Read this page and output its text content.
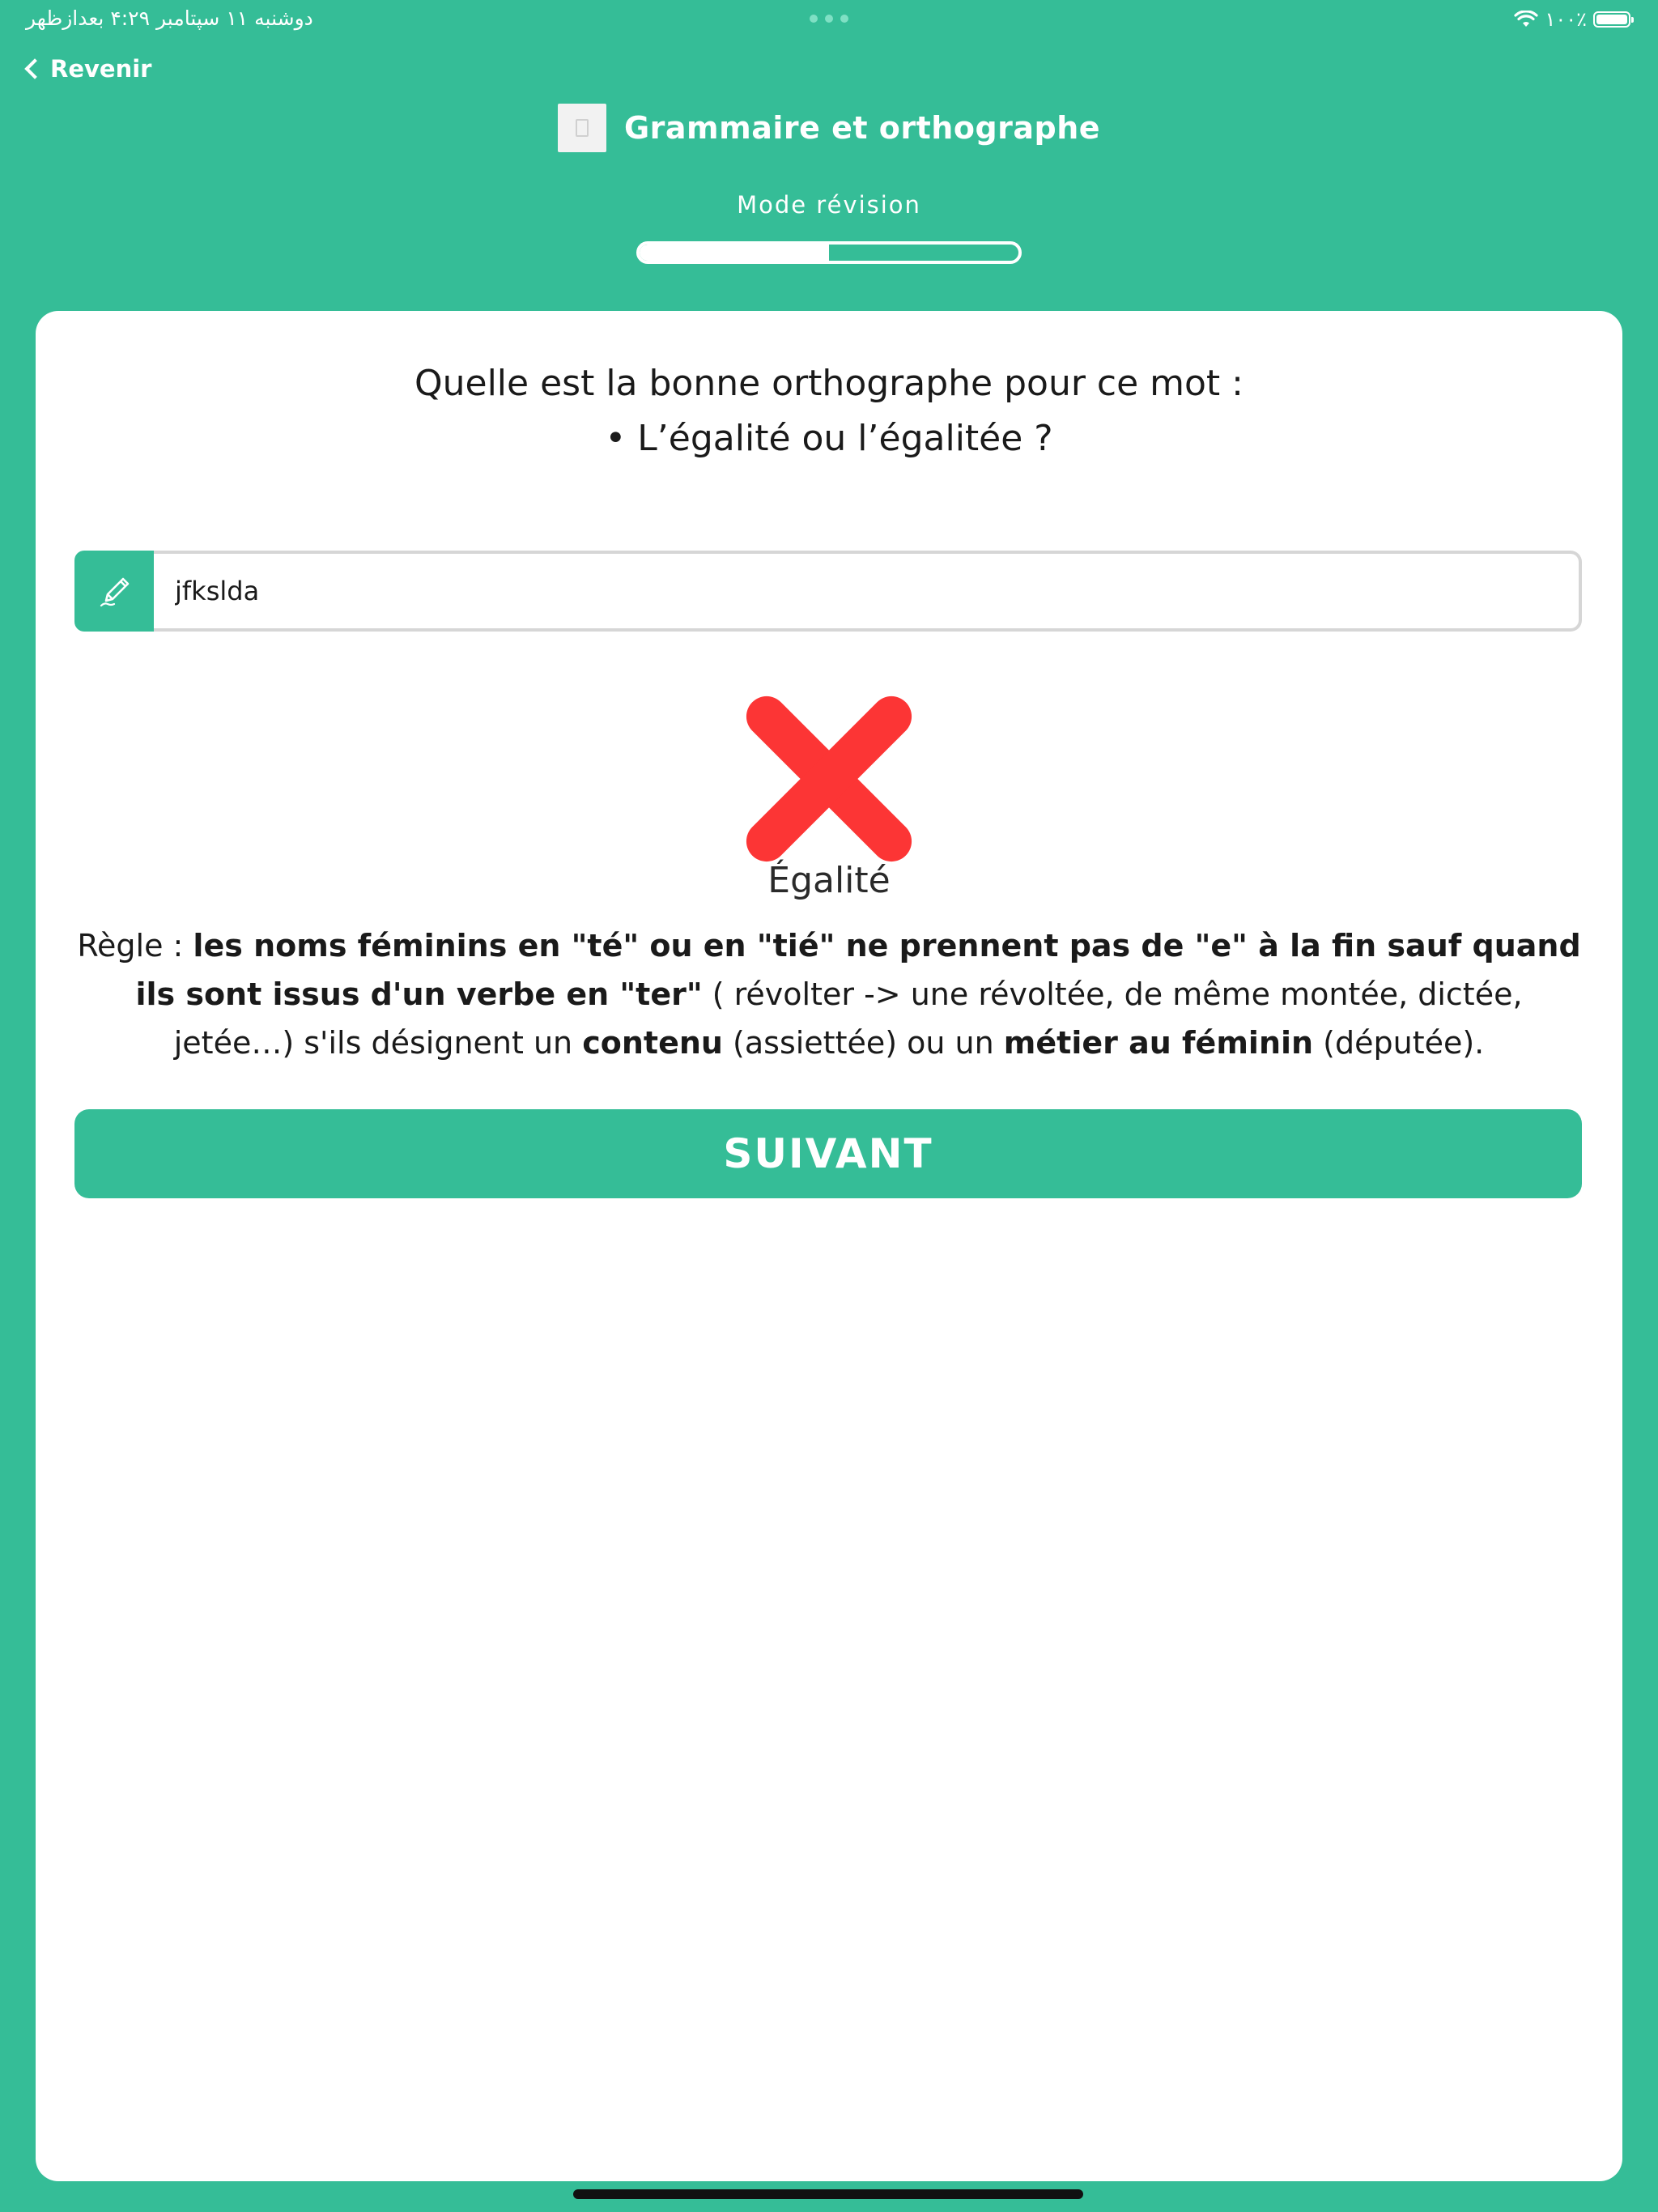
دوشنبه ۱۱ سپتامبر ۴:۲۹ بعدازظهر	۱۰۰٪
Revenir
Grammaire et orthographe
Mode révision
Quelle est la bonne orthographe pour ce mot :
• L’égalité ou l’égalitée ?
jfkslda
Égalité
Règle : les noms féminins en "té" ou en "tié" ne prennent pas de "e" à la fin sauf quand ils sont issus d'un verbe en "ter" ( révolter -> une révoltée, de même montée, dictée, jetée…) s'ils désignent un contenu (assiettée) ou un métier au féminin (députée).
SUIVANT
